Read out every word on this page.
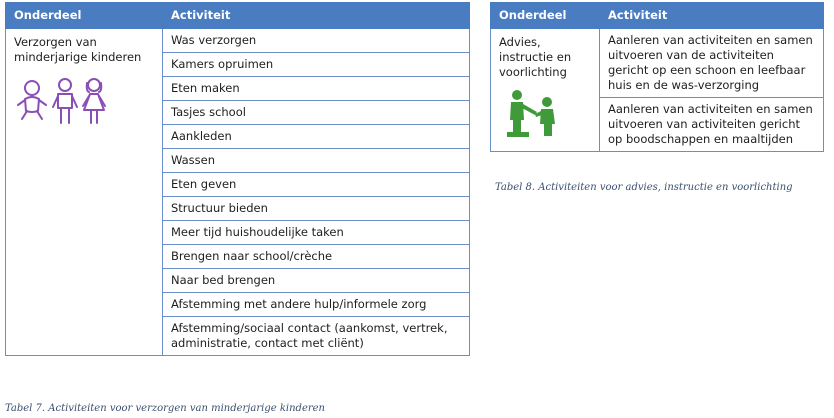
Onderdeel	Activiteit

Verzorgen van minderjarige kinderen	Was verzorgen
	Kamers opruimen
	Eten maken
	Tasjes school
	Aankleden
	Wassen
	Eten geven
	Structuur bieden
	Meer tijd huishoudelijke taken
	Brengen naar school/crèche
	Naar bed brengen
	Afstemming met andere hulp/informele zorg
	Afstemming/sociaal contact (aankomst, vertrek, administratie, contact met cliënt)
Tabel 7. Activiteiten voor verzorgen van minderjarige kinderen
Onderdeel	Activiteit

Advies, instructie en voorlichting	Aanleren van activiteiten en samen uitvoeren van de activiteiten gericht op een schoon en leefbaar huis en de was-verzorging
	Aanleren van activiteiten en samen uitvoeren van activiteiten gericht op boodschappen en maaltijden
Tabel 8. Activiteiten voor advies, instructie en voorlichting
